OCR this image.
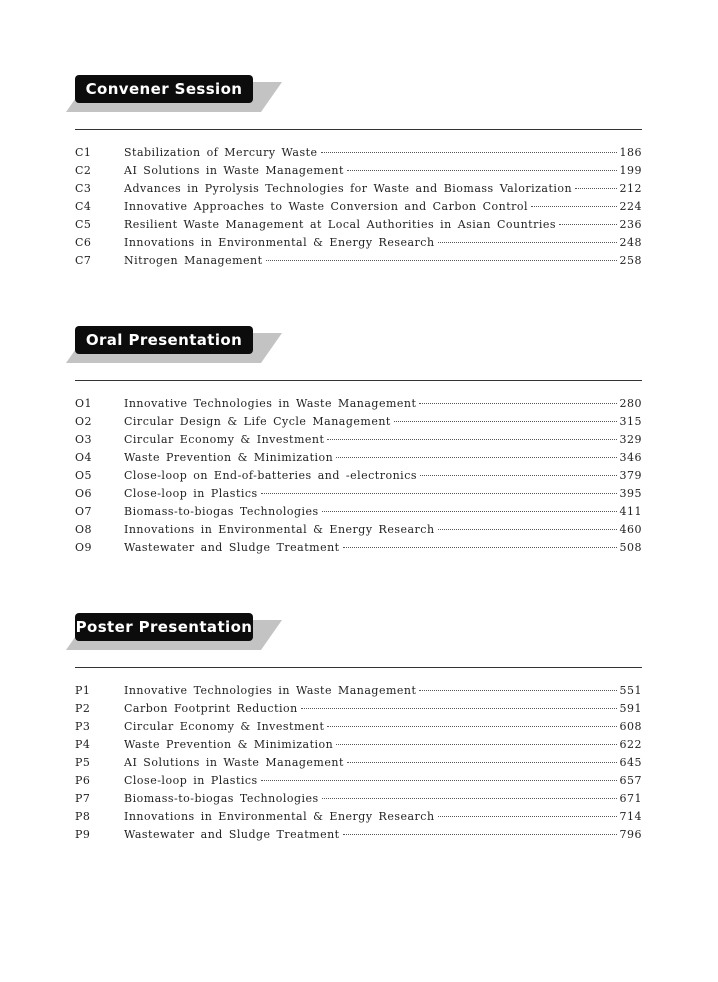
Convener Session
C1	Stabilization of Mercury Waste	186
C2	AI Solutions in Waste Management	199
C3	Advances in Pyrolysis Technologies for Waste and Biomass Valorization	212
C4	Innovative Approaches to Waste Conversion and Carbon Control	224
C5	Resilient Waste Management at Local Authorities in Asian Countries	236
C6	Innovations in Environmental & Energy Research	248
C7	Nitrogen Management	258
Oral Presentation
O1	Innovative Technologies in Waste Management	280
O2	Circular Design & Life Cycle Management	315
O3	Circular Economy & Investment	329
O4	Waste Prevention & Minimization	346
O5	Close-loop on End-of-batteries and -electronics	379
O6	Close-loop in Plastics	395
O7	Biomass-to-biogas Technologies	411
O8	Innovations in Environmental & Energy Research	460
O9	Wastewater and Sludge Treatment	508
Poster Presentation
P1	Innovative Technologies in Waste Management	551
P2	Carbon Footprint Reduction	591
P3	Circular Economy & Investment	608
P4	Waste Prevention & Minimization	622
P5	AI Solutions in Waste Management	645
P6	Close-loop in Plastics	657
P7	Biomass-to-biogas Technologies	671
P8	Innovations in Environmental & Energy Research	714
P9	Wastewater and Sludge Treatment	796
